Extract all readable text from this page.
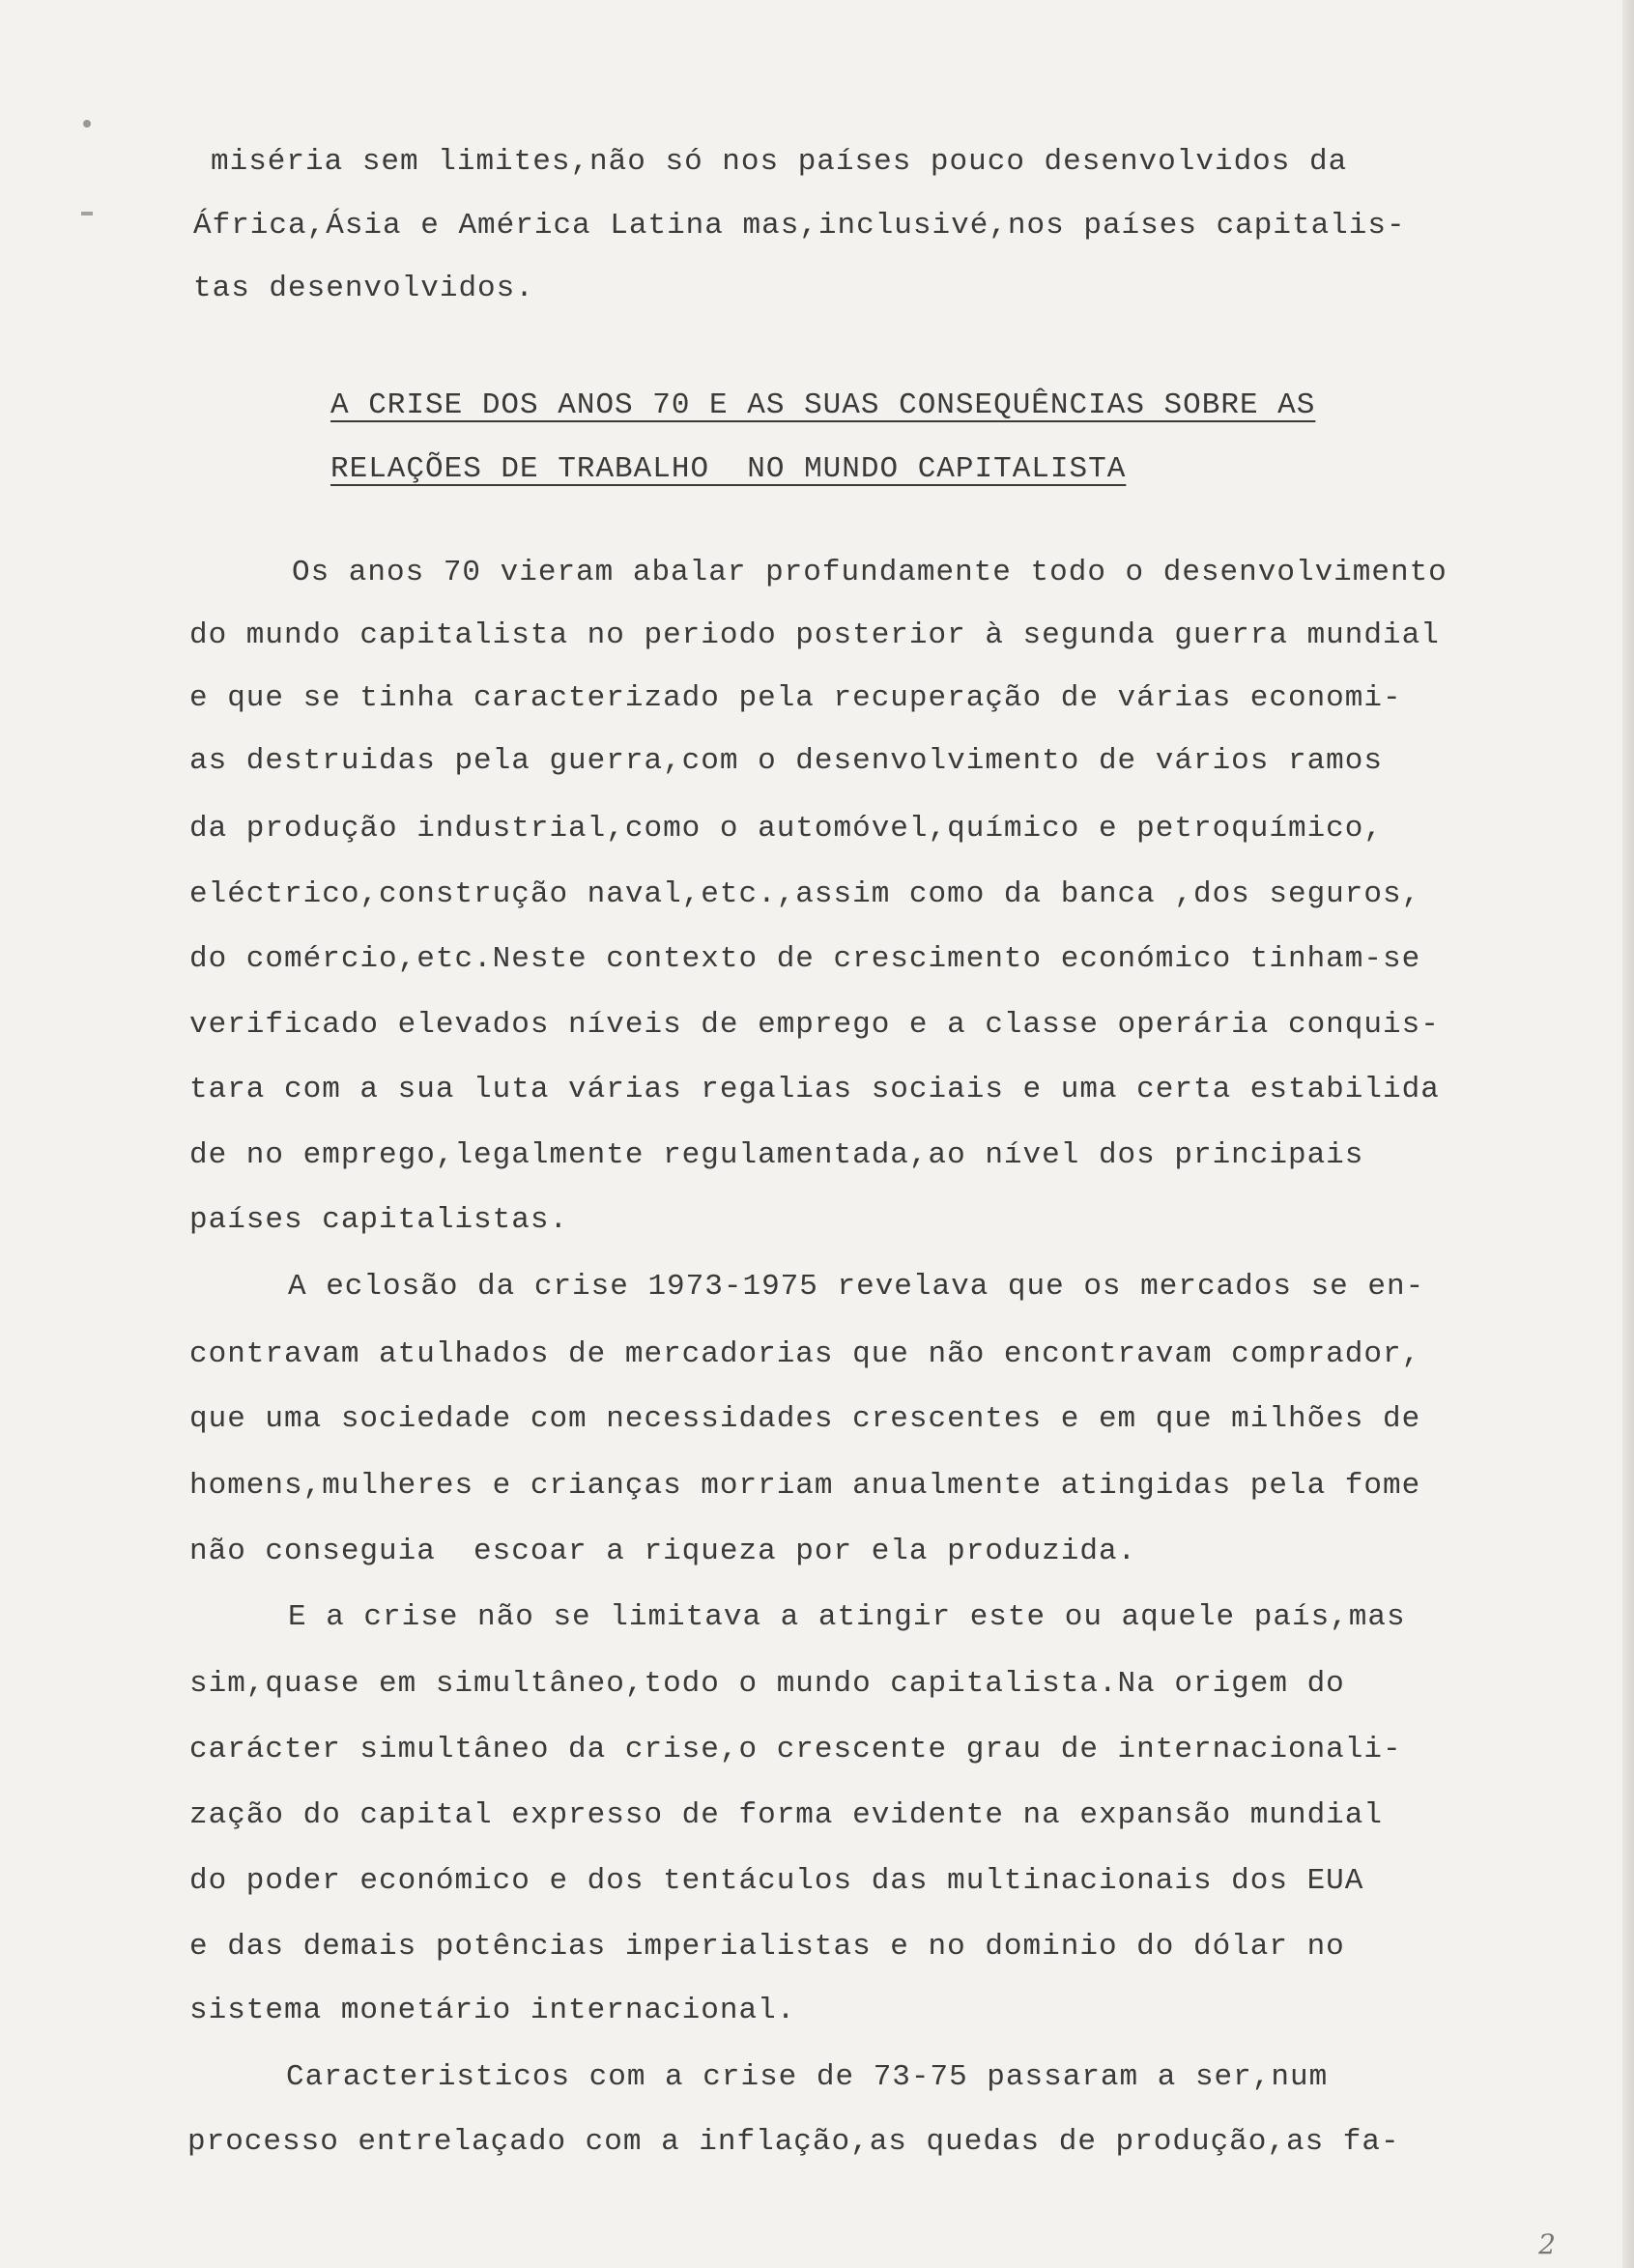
miséria sem limites,não só nos países pouco desenvolvidos da
África,Ásia e América Latina mas,inclusivé,nos países capitalis-
tas desenvolvidos.
A CRISE DOS ANOS 70 E AS SUAS CONSEQUÊNCIAS SOBRE AS
RELAÇÕES DE TRABALHO  NO MUNDO CAPITALISTA
Os anos 70 vieram abalar profundamente todo o desenvolvimento
do mundo capitalista no periodo posterior à segunda guerra mundial
e que se tinha caracterizado pela recuperação de várias economi-
as destruidas pela guerra,com o desenvolvimento de vários ramos
da produção industrial,como o automóvel,químico e petroquímico,
eléctrico,construção naval,etc.,assim como da banca ,dos seguros,
do comércio,etc.Neste contexto de crescimento económico tinham-se
verificado elevados níveis de emprego e a classe operária conquis-
tara com a sua luta várias regalias sociais e uma certa estabilida
de no emprego,legalmente regulamentada,ao nível dos principais
países capitalistas.
A eclosão da crise 1973-1975 revelava que os mercados se en-
contravam atulhados de mercadorias que não encontravam comprador,
que uma sociedade com necessidades crescentes e em que milhões de
homens,mulheres e crianças morriam anualmente atingidas pela fome
não conseguia  escoar a riqueza por ela produzida.
E a crise não se limitava a atingir este ou aquele país,mas
sim,quase em simultâneo,todo o mundo capitalista.Na origem do
carácter simultâneo da crise,o crescente grau de internacionali-
zação do capital expresso de forma evidente na expansão mundial
do poder económico e dos tentáculos das multinacionais dos EUA
e das demais potências imperialistas e no dominio do dólar no
sistema monetário internacional.
Caracteristicos com a crise de 73-75 passaram a ser,num
processo entrelaçado com a inflação,as quedas de produção,as fa-
2
